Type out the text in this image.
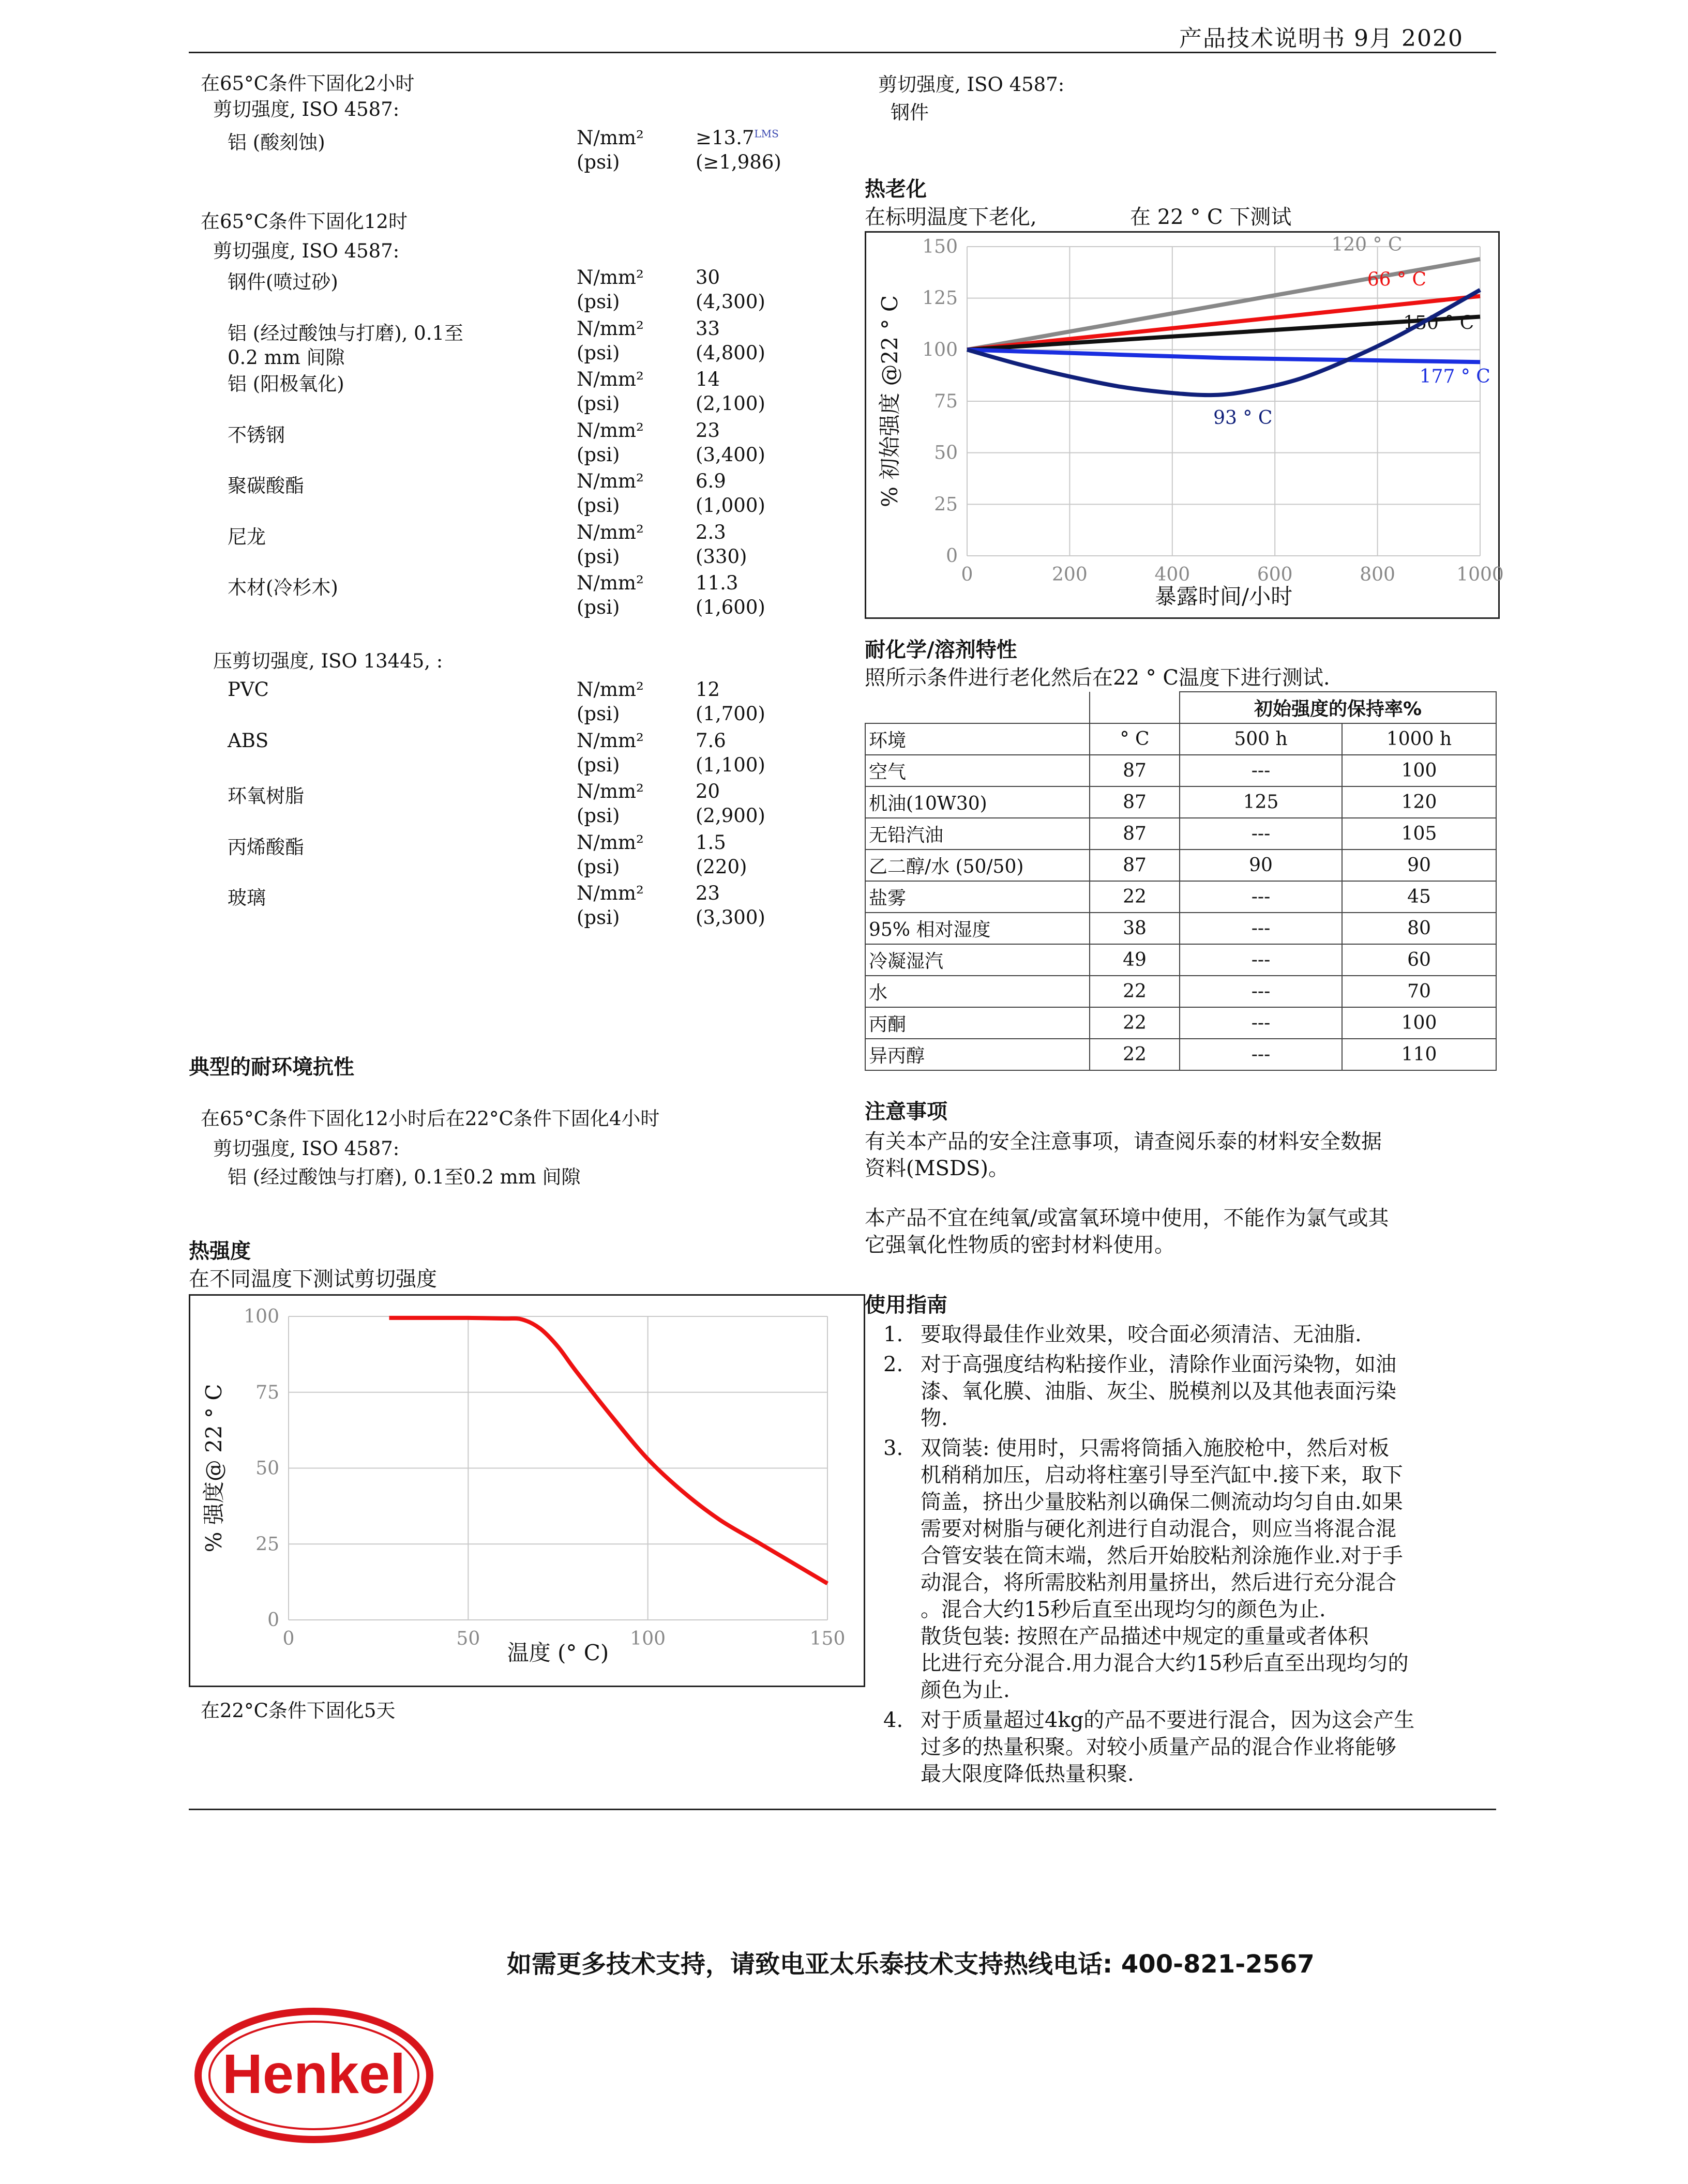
产品技术说明书 9月 2020
在65°C条件下固化2小时
剪切强度, ISO 4587:
铝 (酸刻蚀)	N/mm²	$\ge 13.7^{LMS}$
(psi)	(≥1,986)
在65°C条件下固化12时
剪切强度, ISO 4587:
钢件(喷过砂)	N/mm²	30
(psi)	(4,300)
铝 (经过酸蚀与打磨), 0.1至
0.2 mm 间隙
N/mm²	33
(psi)	(4,800)
铝 (阳极氧化)	N/mm²	14
(psi)	(2,100)
不锈钢	N/mm²	23
(psi)	(3,400)
聚碳酸酯	N/mm²	6.9
(psi)	(1,000)
尼龙	N/mm²	2.3
(psi)	(330)
木材(冷杉木)	N/mm²	11.3
(psi)	(1,600)
压剪切强度, ISO 13445, :
PVC	N/mm²	12
(psi)	(1,700)
ABS	N/mm²	7.6
(psi)	(1,100)
环氧树脂	N/mm²	20
(psi)	(2,900)
丙烯酸酯	N/mm²	1.5
(psi)	(220)
玻璃	N/mm²	23
(psi)	(3,300)
典型的耐环境抗性
在65°C条件下固化12小时后在22°C条件下固化4小时
剪切强度, ISO 4587:
铝 (经过酸蚀与打磨), 0.1至0.2 mm 间隙
热强度
在不同温度下测试剪切强度
0	50	100	150
0
25
50
75
100
温度 (° C)
% 强度@ 22 ° C
在22°C条件下固化5天
剪切强度, ISO 4587:
钢件
热老化
在标明温度下老化,	在 22 ° C 下测试
0	200	400	600	800	1000
0
25
50
75
100
125
150	120 ° C
66 ° C
150 ° C
177 ° C
93 ° C
暴露时间/小时
% 初始强度 @22 ° C
耐化学/溶剂特性
照所示条件进行老化然后在22 ° C温度下进行测试.
		初始强度的保持率%	
环境	° C	500 h	1000 h
空气	87	---	100
机油(10W30)	87	125	120
无铅汽油	87	---	105
乙二醇/水 (50/50)	87	90	90
盐雾	22	---	45
95% 相对湿度	38	---	80
冷凝湿汽	49	---	60
水	22	---	70
丙酮	22	---	100
异丙醇	22	---	110
注意事项
有关本产品的安全注意事项，请查阅乐泰的材料安全数据
资料(MSDS)。
本产品不宜在纯氧/或富氧环境中使用，不能作为氯气或其
它强氧化性物质的密封材料使用。
使用指南
1. 要取得最佳作业效果，咬合面必须清洁、无油脂.
2. 对于高强度结构粘接作业，清除作业面污染物，如油
漆、氧化膜、油脂、灰尘、脱模剂以及其他表面污染
物.
3. 双筒装: 使用时，只需将筒插入施胶枪中，然后对板
机稍稍加压，启动将柱塞引导至汽缸中.接下来，取下
筒盖，挤出少量胶粘剂以确保二侧流动均匀自由.如果
需要对树脂与硬化剂进行自动混合，则应当将混合混
合管安装在筒末端，然后开始胶粘剂涂施作业.对于手
动混合，将所需胶粘剂用量挤出，然后进行充分混合
。混合大约15秒后直至出现均匀的颜色为止.
散货包装: 按照在产品描述中规定的重量或者体积
比进行充分混合.用力混合大约15秒后直至出现均匀的
颜色为止.
4. 对于质量超过4kg的产品不要进行混合，因为这会产生
过多的热量积聚。对较小质量产品的混合作业将能够
最大限度降低热量积聚.
如需更多技术支持，请致电亚太乐泰技术支持热线电话: 400-821-2567
Henkel
